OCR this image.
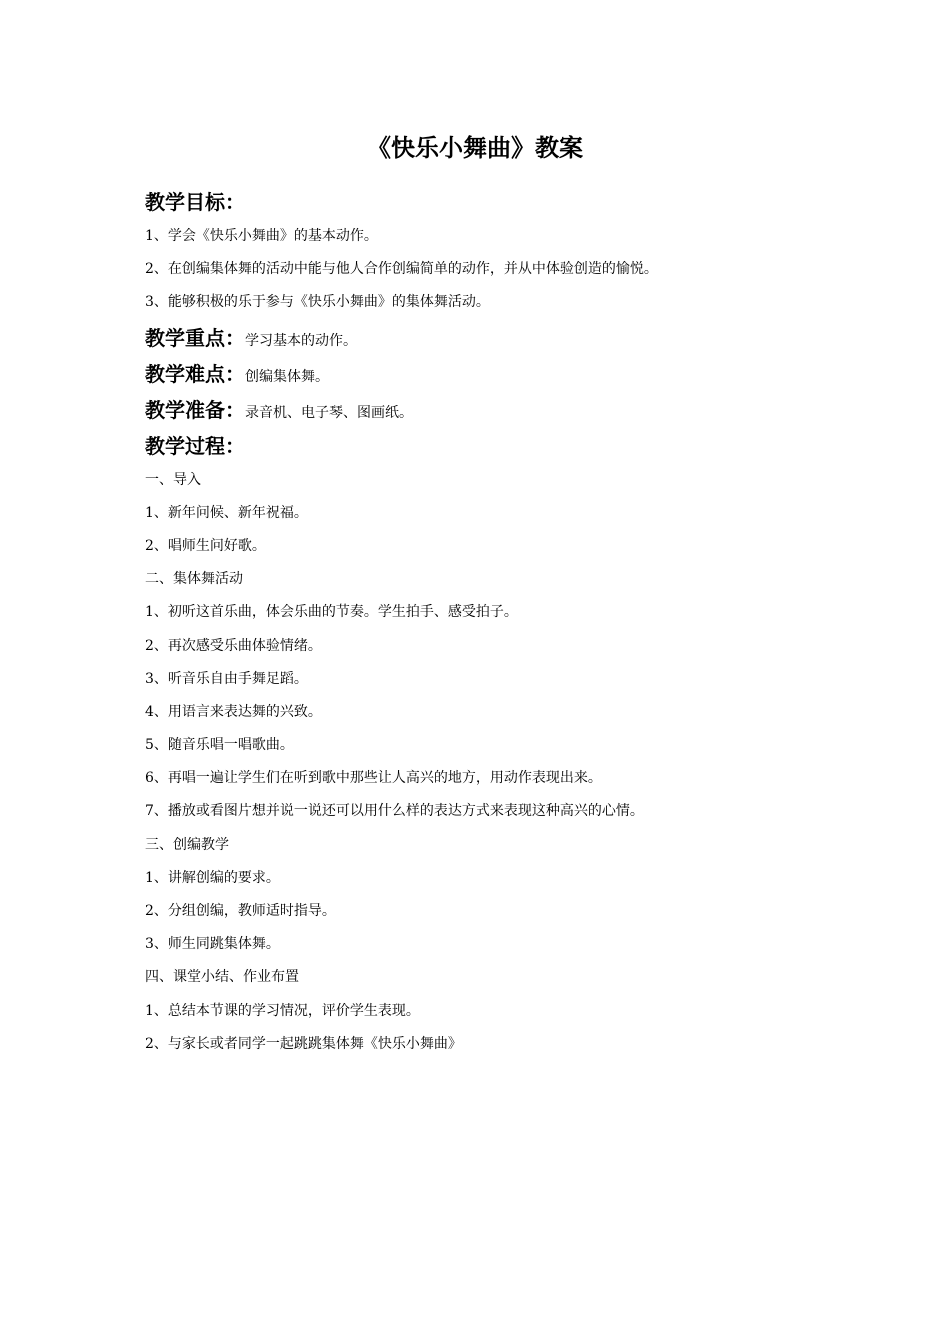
《快乐小舞曲》教案
教学目标：
1、学会《快乐小舞曲》的基本动作。
2、在创编集体舞的活动中能与他人合作创编简单的动作，并从中体验创造的愉悦。
3、能够积极的乐于参与《快乐小舞曲》的集体舞活动。
教学重点：学习基本的动作。
教学难点：创编集体舞。
教学准备：录音机、电子琴、图画纸。
教学过程：
一、导入
1、新年问候、新年祝福。
2、唱师生问好歌。
二、集体舞活动
1、初听这首乐曲，体会乐曲的节奏。学生拍手、感受拍子。
2、再次感受乐曲体验情绪。
3、听音乐自由手舞足蹈。
4、用语言来表达舞的兴致。
5、随音乐唱一唱歌曲。
6、再唱一遍让学生们在听到歌中那些让人高兴的地方，用动作表现出来。
7、播放或看图片想并说一说还可以用什么样的表达方式来表现这种高兴的心情。
三、创编教学
1、讲解创编的要求。
2、分组创编，教师适时指导。
3、师生同跳集体舞。
四、课堂小结、作业布置
1、总结本节课的学习情况，评价学生表现。
2、与家长或者同学一起跳跳集体舞《快乐小舞曲》
